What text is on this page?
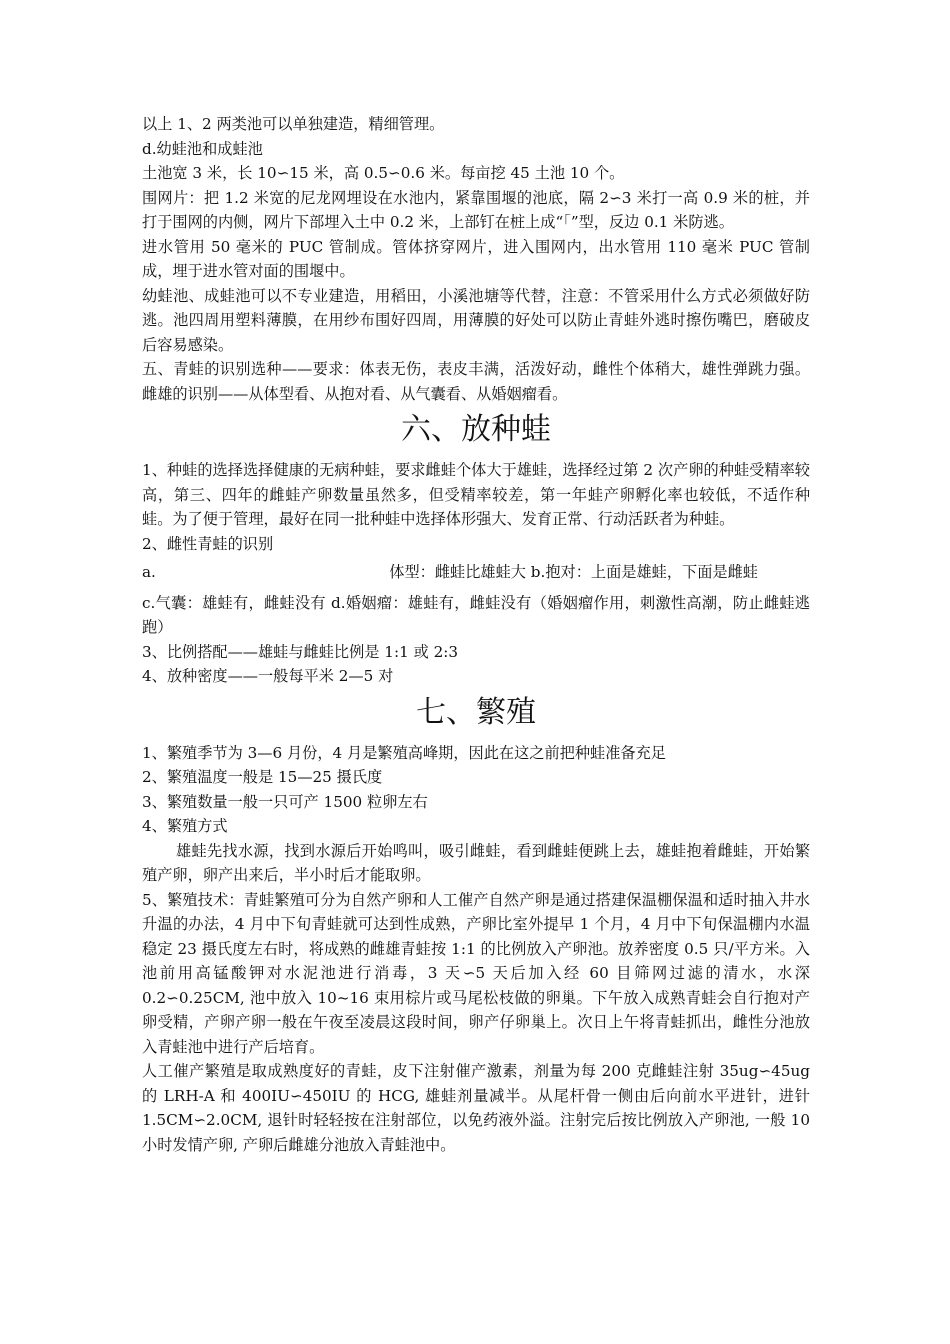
以上 1、2 两类池可以单独建造，精细管理。

d.幼蛙池和成蛙池

土池宽 3 米，长 10∽15 米，高 0.5∽0.6 米。每亩挖 45 土池 10 个。

围网片：把 1.2 米宽的尼龙网埋设在水池内，紧靠围堰的池底，隔 2∽3 米打一高 0.9 米的桩，并打于围网的内侧，网片下部埋入土中 0.2 米，上部钉在桩上成“「”型，反边 0.1 米防逃。

进水管用 50 毫米的 PUC 管制成。管体挤穿网片，进入围网内，出水管用 110 毫米 PUC 管制成，埋于进水管对面的围堰中。

幼蛙池、成蛙池可以不专业建造，用稻田，小溪池塘等代替，注意：不管采用什么方式必须做好防逃。池四周用塑料薄膜，在用纱布围好四周，用薄膜的好处可以防止青蛙外逃时擦伤嘴巴，磨破皮后容易感染。

五、青蛙的识别选种——要求：体表无伤，表皮丰满，活泼好动，雌性个体稍大，雄性弹跳力强。雌雄的识别——从体型看、从抱对看、从气囊看、从婚姻瘤看。

六、放种蛙

1、种蛙的选择选择健康的无病种蛙，要求雌蛙个体大于雄蛙，选择经过第 2 次产卵的种蛙受精率较高，第三、四年的雌蛙产卵数量虽然多，但受精率较差，第一年蛙产卵孵化率也较低，不适作种蛙。为了便于管理，最好在同一批种蛙中选择体形强大、发育正常、行动活跃者为种蛙。

2、雌性青蛙的识别

a.	体型：雌蛙比雄蛙大 b.抱对：上面是雄蛙，下面是雌蛙

c.气囊：雄蛙有，雌蛙没有 d.婚姻瘤：雄蛙有，雌蛙没有（婚姻瘤作用，刺激性高潮，防止雌蛙逃跑）

3、比例搭配——雄蛙与雌蛙比例是 1:1 或 2:3

4、放种密度——一般每平米 2—5 对

七、繁殖

1、繁殖季节为 3—6 月份，4 月是繁殖高峰期，因此在这之前把种蛙准备充足

2、繁殖温度一般是 15—25 摄氏度

3、繁殖数量一般一只可产 1500 粒卵左右

4、繁殖方式

雄蛙先找水源，找到水源后开始鸣叫，吸引雌蛙，看到雌蛙便跳上去，雄蛙抱着雌蛙，开始繁殖产卵，卵产出来后，半小时后才能取卵。

5、繁殖技术：青蛙繁殖可分为自然产卵和人工催产自然产卵是通过搭建保温棚保温和适时抽入井水升温的办法，4 月中下旬青蛙就可达到性成熟，产卵比室外提早 1 个月，4 月中下旬保温棚内水温稳定 23 摄氏度左右时，将成熟的雌雄青蛙按 1:1 的比例放入产卵池。放养密度 0.5 只/平方米。入池前用高锰酸钾对水泥池进行消毒，3 天∽5 天后加入经 60 目筛网过滤的清水，水深 0.2∽0.25CM, 池中放入 10~16 束用棕片或马尾松枝做的卵巢。下午放入成熟青蛙会自行抱对产卵受精，产卵产卵一般在午夜至凌晨这段时间，卵产仔卵巢上。次日上午将青蛙抓出，雌性分池放入青蛙池中进行产后培育。

人工催产繁殖是取成熟度好的青蛙，皮下注射催产激素，剂量为每 200 克雌蛙注射 35ug∽45ug 的 LRH-A 和 400IU∽450IU 的 HCG, 雄蛙剂量减半。从尾杆骨一侧由后向前水平进针，进针 1.5CM∽2.0CM, 退针时轻轻按在注射部位，以免药液外溢。注射完后按比例放入产卵池, 一般 10 小时发情产卵, 产卵后雌雄分池放入青蛙池中。
